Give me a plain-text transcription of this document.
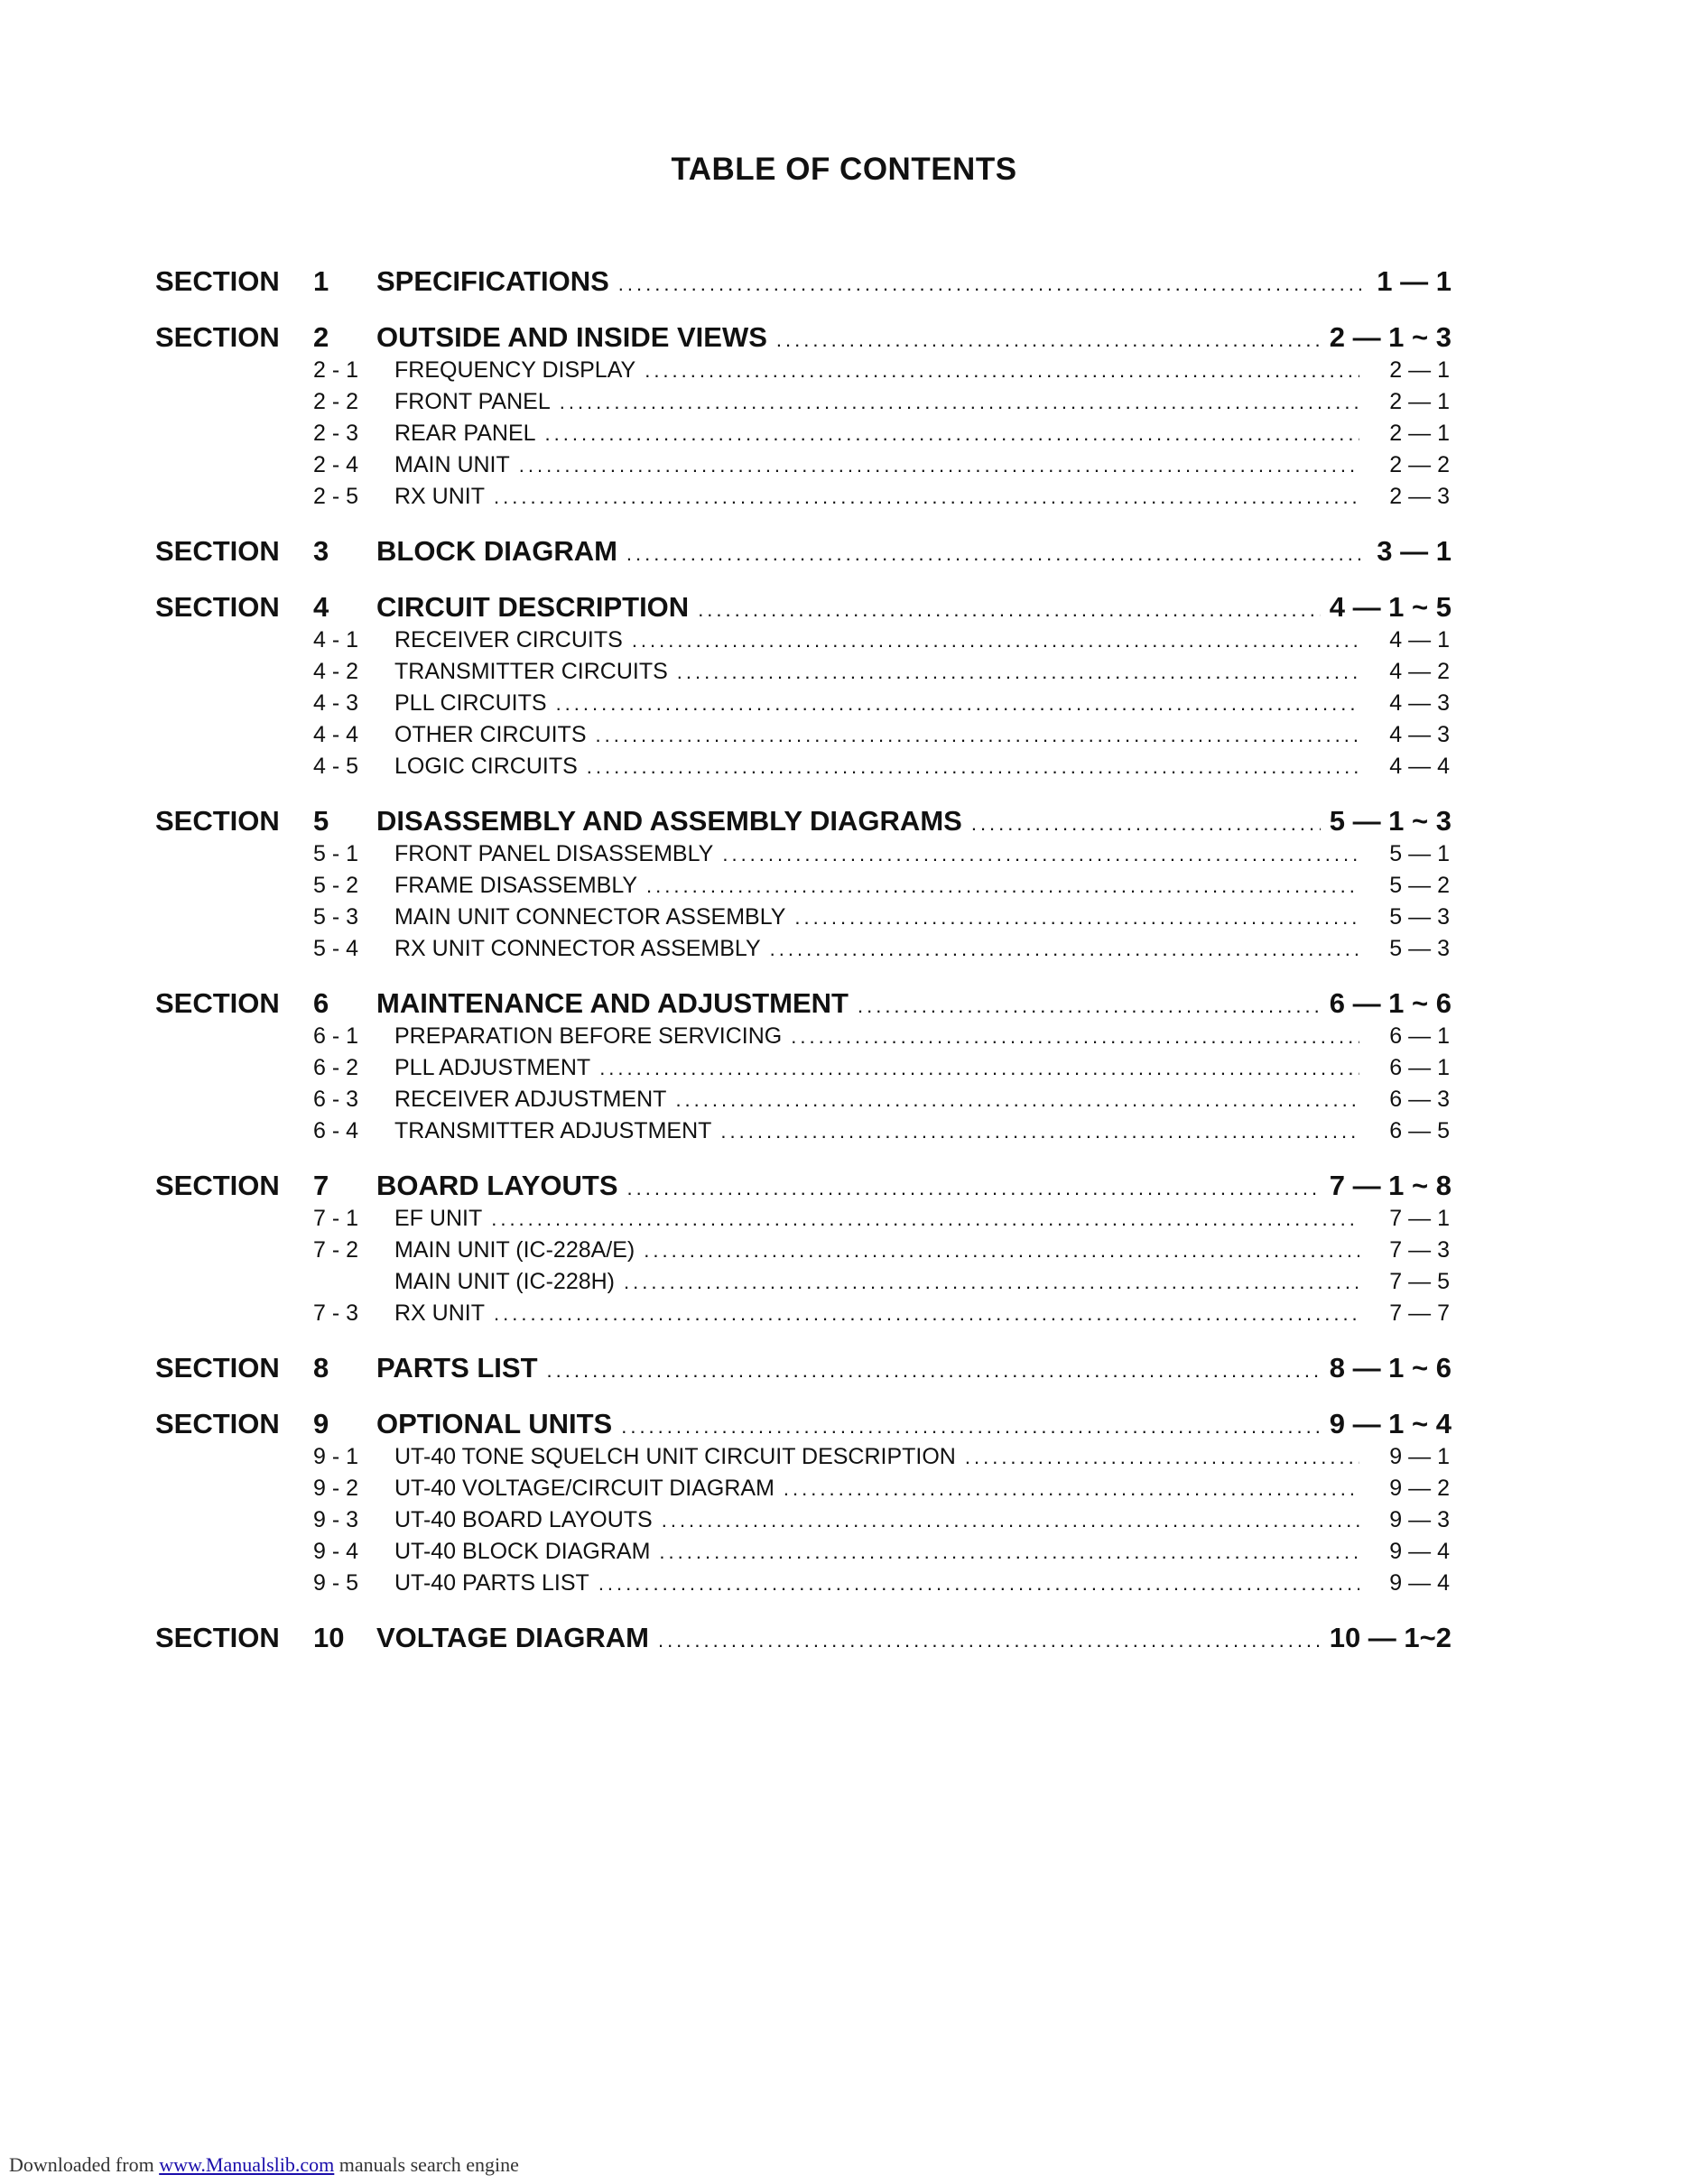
TABLE OF CONTENTS
SECTION	1	SPECIFICATIONS .....	1 — 1
SECTION	2	OUTSIDE AND INSIDE VIEWS .....	2 — 1 ~ 3
2 - 1	FREQUENCY DISPLAY .....	2 — 1
2 - 2	FRONT PANEL .....	2 — 1
2 - 3	REAR PANEL .....	2 — 1
2 - 4	MAIN UNIT .....	2 — 2
2 - 5	RX UNIT .....	2 — 3
SECTION	3	BLOCK DIAGRAM .....	3 — 1
SECTION	4	CIRCUIT DESCRIPTION .....	4 — 1 ~ 5
4 - 1	RECEIVER CIRCUITS .....	4 — 1
4 - 2	TRANSMITTER CIRCUITS .....	4 — 2
4 - 3	PLL CIRCUITS .....	4 — 3
4 - 4	OTHER CIRCUITS .....	4 — 3
4 - 5	LOGIC CIRCUITS .....	4 — 4
SECTION	5	DISASSEMBLY AND ASSEMBLY DIAGRAMS .....	5 — 1 ~ 3
5 - 1	FRONT PANEL DISASSEMBLY .....	5 — 1
5 - 2	FRAME DISASSEMBLY .....	5 — 2
5 - 3	MAIN UNIT CONNECTOR ASSEMBLY .....	5 — 3
5 - 4	RX UNIT CONNECTOR ASSEMBLY .....	5 — 3
SECTION	6	MAINTENANCE AND ADJUSTMENT .....	6 — 1 ~ 6
6 - 1	PREPARATION BEFORE SERVICING .....	6 — 1
6 - 2	PLL ADJUSTMENT .....	6 — 1
6 - 3	RECEIVER ADJUSTMENT .....	6 — 3
6 - 4	TRANSMITTER ADJUSTMENT .....	6 — 5
SECTION	7	BOARD LAYOUTS .....	7 — 1 ~ 8
7 - 1	EF UNIT .....	7 — 1
7 - 2	MAIN UNIT (IC-228A/E) .....	7 — 3
MAIN UNIT (IC-228H) .....	7 — 5
7 - 3	RX UNIT .....	7 — 7
SECTION	8	PARTS LIST .....	8 — 1 ~ 6
SECTION	9	OPTIONAL UNITS .....	9 — 1 ~ 4
9 - 1	UT-40 TONE SQUELCH UNIT CIRCUIT DESCRIPTION .....	9 — 1
9 - 2	UT-40 VOLTAGE/CIRCUIT DIAGRAM .....	9 — 2
9 - 3	UT-40 BOARD LAYOUTS .....	9 — 3
9 - 4	UT-40 BLOCK DIAGRAM .....	9 — 4
9 - 5	UT-40 PARTS LIST .....	9 — 4
SECTION	10	VOLTAGE DIAGRAM .....	10 — 1~2
Downloaded from www.Manualslib.com manuals search engine
